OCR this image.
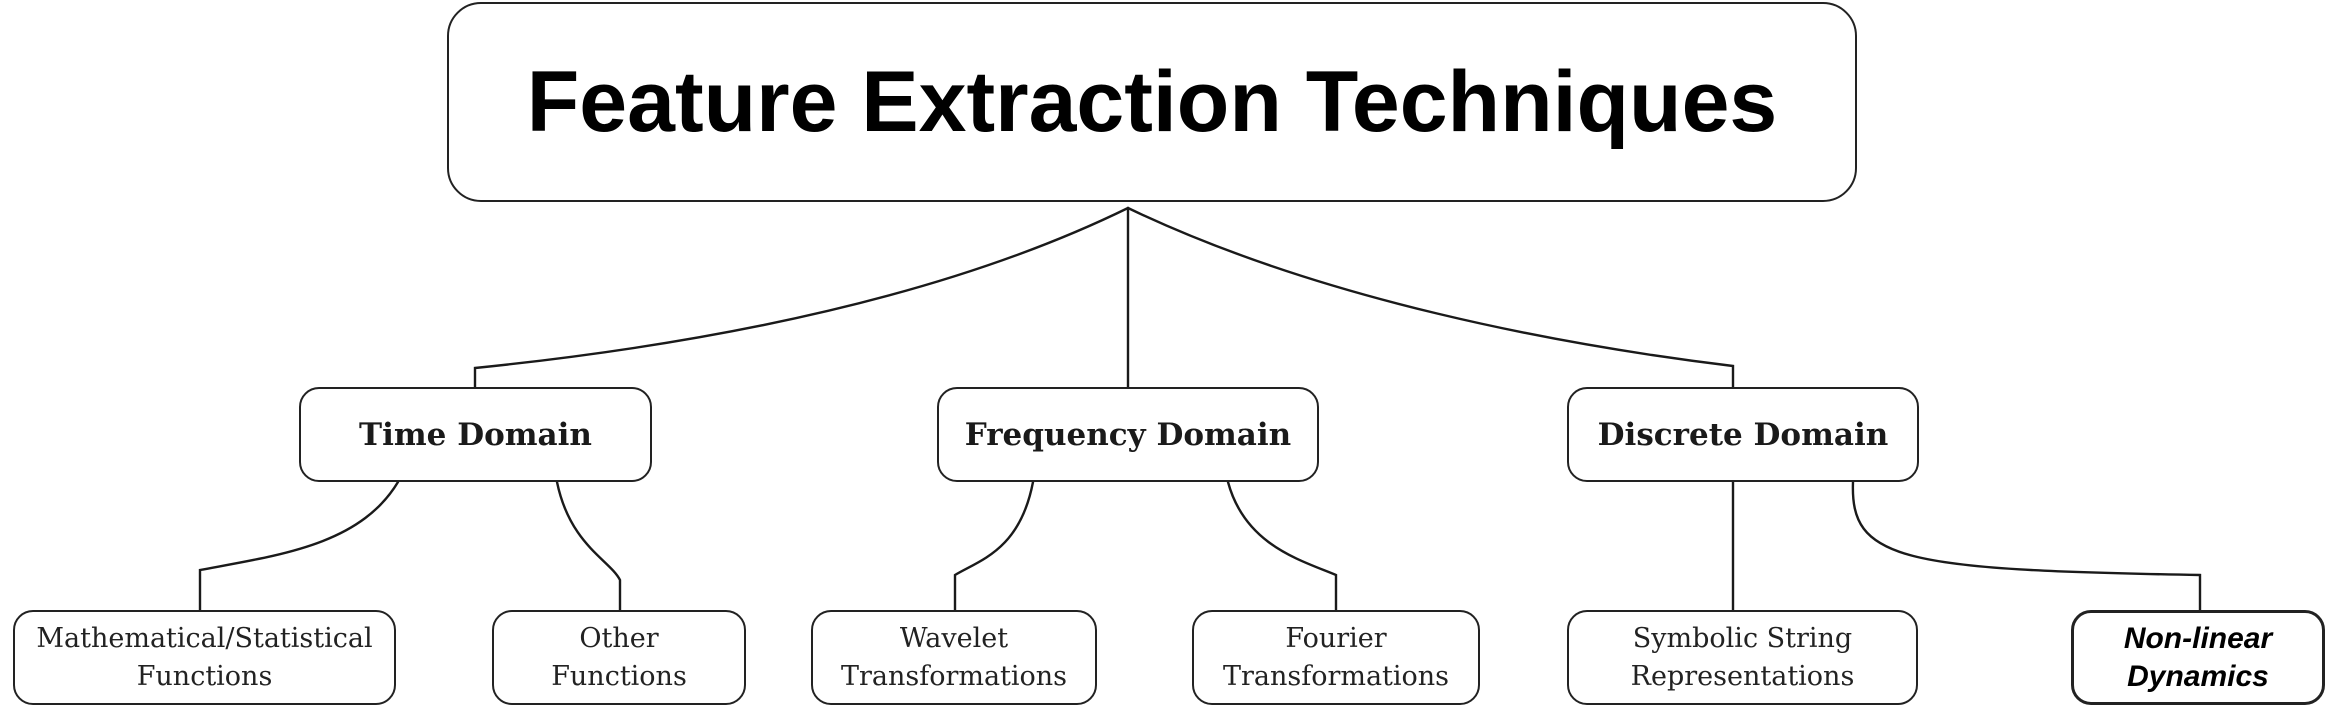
Feature Extraction Techniques
Time Domain	Frequency Domain	Discrete Domain
Mathematical/Statistical
Functions
Other
Functions
Wavelet
Transformations
Fourier
Transformations
Symbolic String
Representations
Non-linear
Dynamics
